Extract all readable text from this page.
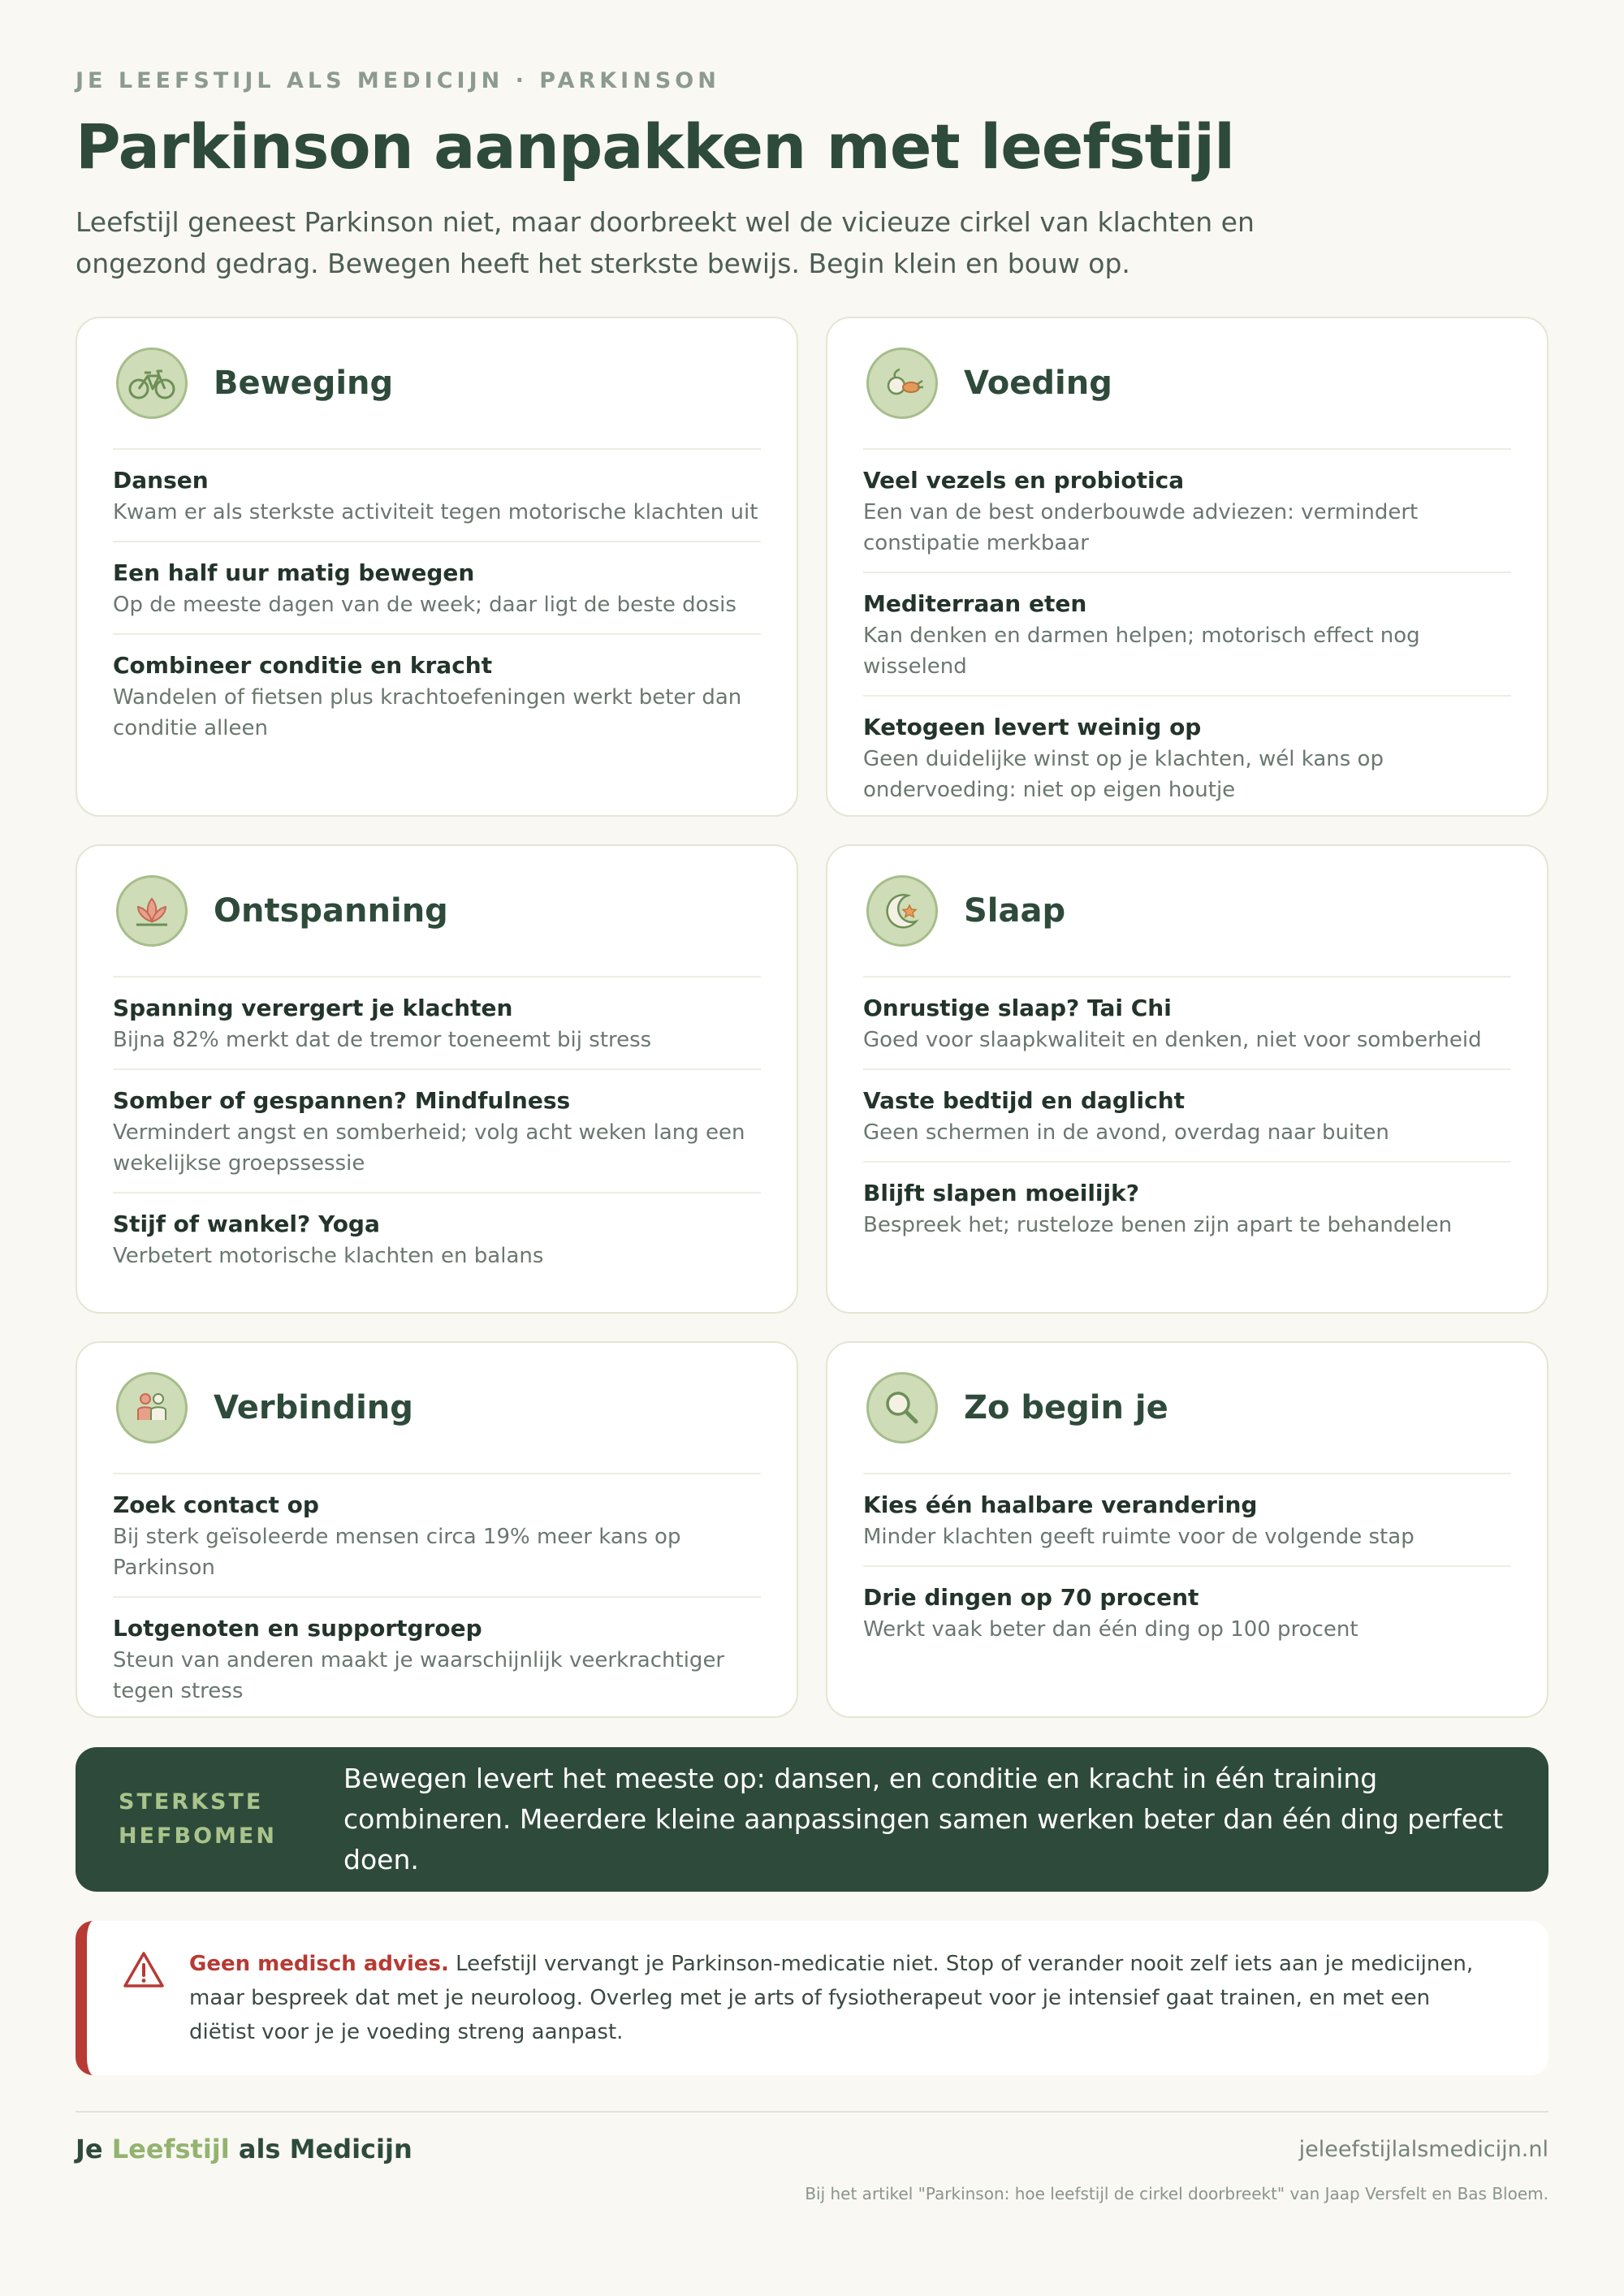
JE LEEFSTIJL ALS MEDICIJN · PARKINSON
Parkinson aanpakken met leefstijl

Leefstijl geneest Parkinson niet, maar doorbreekt wel de vicieuze cirkel van klachten en ongezond gedrag. Bewegen heeft het sterkste bewijs. Begin klein en bouw op.

Beweging
Dansen
Kwam er als sterkste activiteit tegen motorische klachten uit
Een half uur matig bewegen
Op de meeste dagen van de week; daar ligt de beste dosis
Combineer conditie en kracht
Wandelen of fietsen plus krachtoefeningen werkt beter dan conditie alleen
Voeding
Veel vezels en probiotica
Een van de best onderbouwde adviezen: vermindert constipatie merkbaar
Mediterraan eten
Kan denken en darmen helpen; motorisch effect nog wisselend
Ketogeen levert weinig op
Geen duidelijke winst op je klachten, wél kans op ondervoeding: niet op eigen houtje
Ontspanning
Spanning verergert je klachten
Bijna 82% merkt dat de tremor toeneemt bij stress
Somber of gespannen? Mindfulness
Vermindert angst en somberheid; volg acht weken lang een wekelijkse groepssessie
Stijf of wankel? Yoga
Verbetert motorische klachten en balans
Slaap
Onrustige slaap? Tai Chi
Goed voor slaapkwaliteit en denken, niet voor somberheid
Vaste bedtijd en daglicht
Geen schermen in de avond, overdag naar buiten
Blijft slapen moeilijk?
Bespreek het; rusteloze benen zijn apart te behandelen
Verbinding
Zoek contact op
Bij sterk geïsoleerde mensen circa 19% meer kans op Parkinson
Lotgenoten en supportgroep
Steun van anderen maakt je waarschijnlijk veerkrachtiger tegen stress
Zo begin je
Kies één haalbare verandering
Minder klachten geeft ruimte voor de volgende stap
Drie dingen op 70 procent
Werkt vaak beter dan één ding op 100 procent
STERKSTE
HEFBOMEN
Bewegen levert het meeste op: dansen, en conditie en kracht in één training combineren. Meerdere kleine aanpassingen samen werken beter dan één ding perfect doen.
Geen medisch advies. Leefstijl vervangt je Parkinson-medicatie niet. Stop of verander nooit zelf iets aan je medicijnen, maar bespreek dat met je neuroloog. Overleg met je arts of fysiotherapeut voor je intensief gaat trainen, en met een diëtist voor je je voeding streng aanpast.
Je Leefstijl als Medicijn	jeleefstijlalsmedicijn.nl
Bij het artikel "Parkinson: hoe leefstijl de cirkel doorbreekt" van Jaap Versfelt en Bas Bloem.
